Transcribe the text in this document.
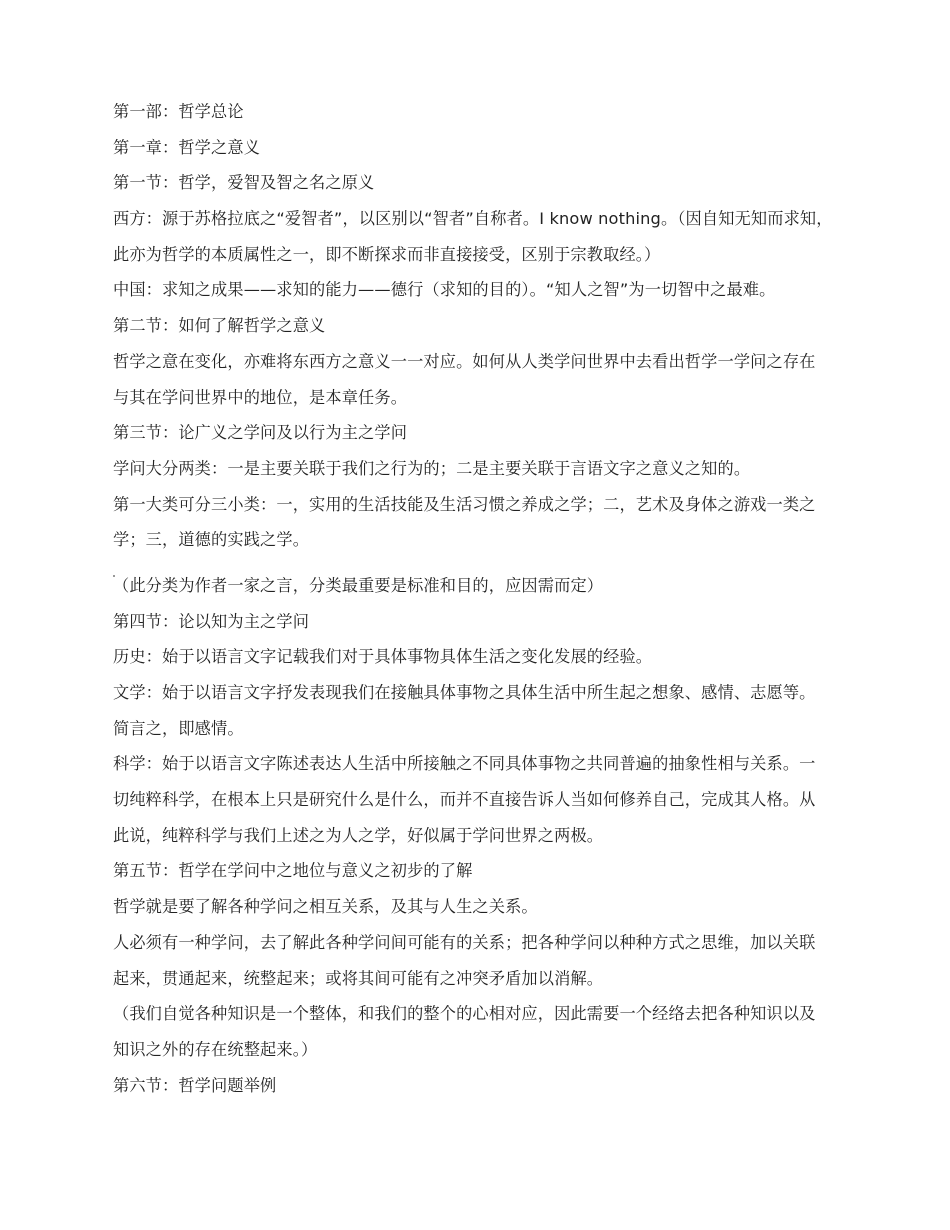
第一部：哲学总论
第一章：哲学之意义
第一节：哲学，爱智及智之名之原义
西方：源于苏格拉底之“爱智者”，以区别以“智者”自称者。I know nothing。（因自知无知而求知，
此亦为哲学的本质属性之一，即不断探求而非直接接受，区别于宗教取经。）
中国：求知之成果——求知的能力——德行（求知的目的）。“知人之智”为一切智中之最难。
第二节：如何了解哲学之意义
哲学之意在变化，亦难将东西方之意义一一对应。如何从人类学问世界中去看出哲学一学问之存在
与其在学问世界中的地位，是本章任务。
第三节：论广义之学问及以行为主之学问
学问大分两类：一是主要关联于我们之行为的；二是主要关联于言语文字之意义之知的。
第一大类可分三小类：一，实用的生活技能及生活习惯之养成之学；二，艺术及身体之游戏一类之
学；三，道德的实践之学。
（此分类为作者一家之言，分类最重要是标准和目的，应因需而定）
第四节：论以知为主之学问
历史：始于以语言文字记载我们对于具体事物具体生活之变化发展的经验。
文学：始于以语言文字抒发表现我们在接触具体事物之具体生活中所生起之想象、感情、志愿等。
简言之，即感情。
科学：始于以语言文字陈述表达人生活中所接触之不同具体事物之共同普遍的抽象性相与关系。一
切纯粹科学，在根本上只是研究什么是什么，而并不直接告诉人当如何修养自己，完成其人格。从
此说，纯粹科学与我们上述之为人之学，好似属于学问世界之两极。
第五节：哲学在学问中之地位与意义之初步的了解
哲学就是要了解各种学问之相互关系，及其与人生之关系。
人必须有一种学问，去了解此各种学问间可能有的关系；把各种学问以种种方式之思维，加以关联
起来，贯通起来，统整起来；或将其间可能有之冲突矛盾加以消解。
（我们自觉各种知识是一个整体，和我们的整个的心相对应，因此需要一个经络去把各种知识以及
知识之外的存在统整起来。）
第六节：哲学问题举例
